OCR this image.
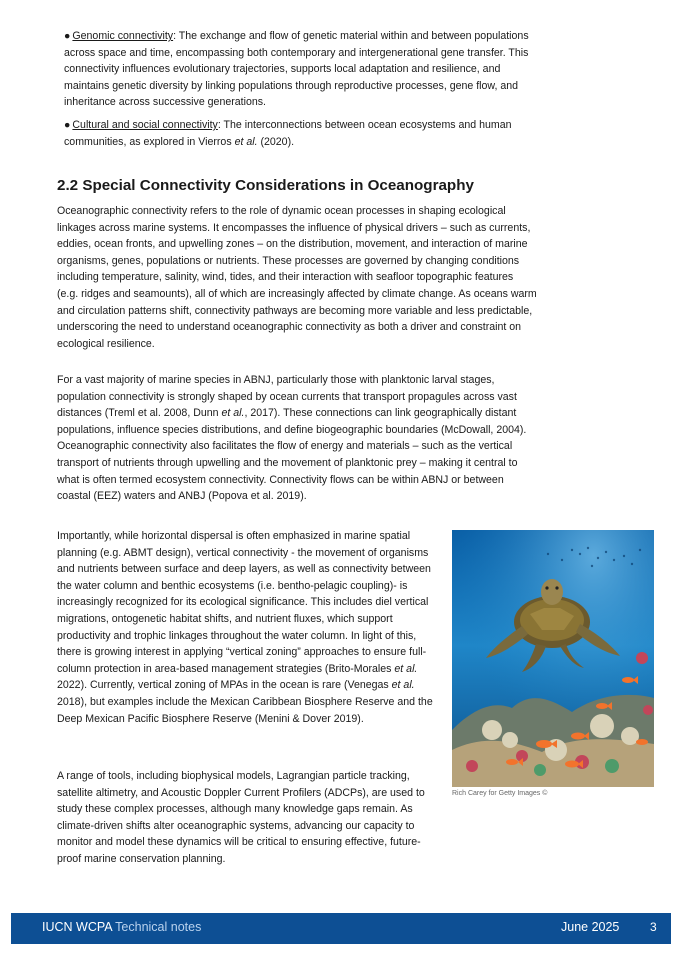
● Genomic connectivity: The exchange and flow of genetic material within and between populations across space and time, encompassing both contemporary and intergenerational gene transfer. This connectivity influences evolutionary trajectories, supports local adaptation and resilience, and maintains genetic diversity by linking populations through reproductive processes, gene flow, and inheritance across successive generations.

● Cultural and social connectivity: The interconnections between ocean ecosystems and human communities, as explored in Vierros et al. (2020).

2.2 Special Connectivity Considerations in Oceanography

Oceanographic connectivity refers to the role of dynamic ocean processes in shaping ecological linkages across marine systems. It encompasses the influence of physical drivers – such as currents, eddies, ocean fronts, and upwelling zones – on the distribution, movement, and interaction of marine organisms, genes, populations or nutrients. These processes are governed by changing conditions including temperature, salinity, wind, tides, and their interaction with seafloor topographic features (e.g. ridges and seamounts), all of which are increasingly affected by climate change. As oceans warm and circulation patterns shift, connectivity pathways are becoming more variable and less predictable, underscoring the need to understand oceanographic connectivity as both a driver and constraint on ecological resilience.

For a vast majority of marine species in ABNJ, particularly those with planktonic larval stages, population connectivity is strongly shaped by ocean currents that transport propagules across vast distances (Treml et al. 2008, Dunn et al., 2017). These connections can link geographically distant populations, influence species distributions, and define biogeographic boundaries (McDowall, 2004). Oceanographic connectivity also facilitates the flow of energy and materials – such as the vertical transport of nutrients through upwelling and the movement of planktonic prey – making it central to what is often termed ecosystem connectivity. Connectivity flows can be within ABNJ or between coastal (EEZ) waters and ANBJ (Popova et al. 2019).

Importantly, while horizontal dispersal is often emphasized in marine spatial planning (e.g. ABMT design), vertical connectivity - the movement of organisms and nutrients between surface and deep layers, as well as connectivity between the water column and benthic ecosystems (i.e. bentho-pelagic coupling)- is increasingly recognized for its ecological significance. This includes diel vertical migrations, ontogenetic habitat shifts, and nutrient fluxes, which support productivity and trophic linkages throughout the water column. In light of this, there is growing interest in applying “vertical zoning” approaches to ensure full-column protection in area-based management strategies (Brito-Morales et al. 2022). Currently, vertical zoning of MPAs in the ocean is rare (Venegas et al. 2018), but examples include the Mexican Caribbean Biosphere Reserve and the Deep Mexican Pacific Biosphere Reserve (Menini & Dover 2019).

A range of tools, including biophysical models, Lagrangian particle tracking, satellite altimetry, and Acoustic Doppler Current Profilers (ADCPs), are used to study these complex processes, although many knowledge gaps remain. As climate-driven shifts alter oceanographic systems, advancing our capacity to monitor and model these dynamics will be critical to ensuring effective, future-proof marine conservation planning.

Rich Carey for Getty Images ©
IUCN WCPA Technical notes	June 2025	3
